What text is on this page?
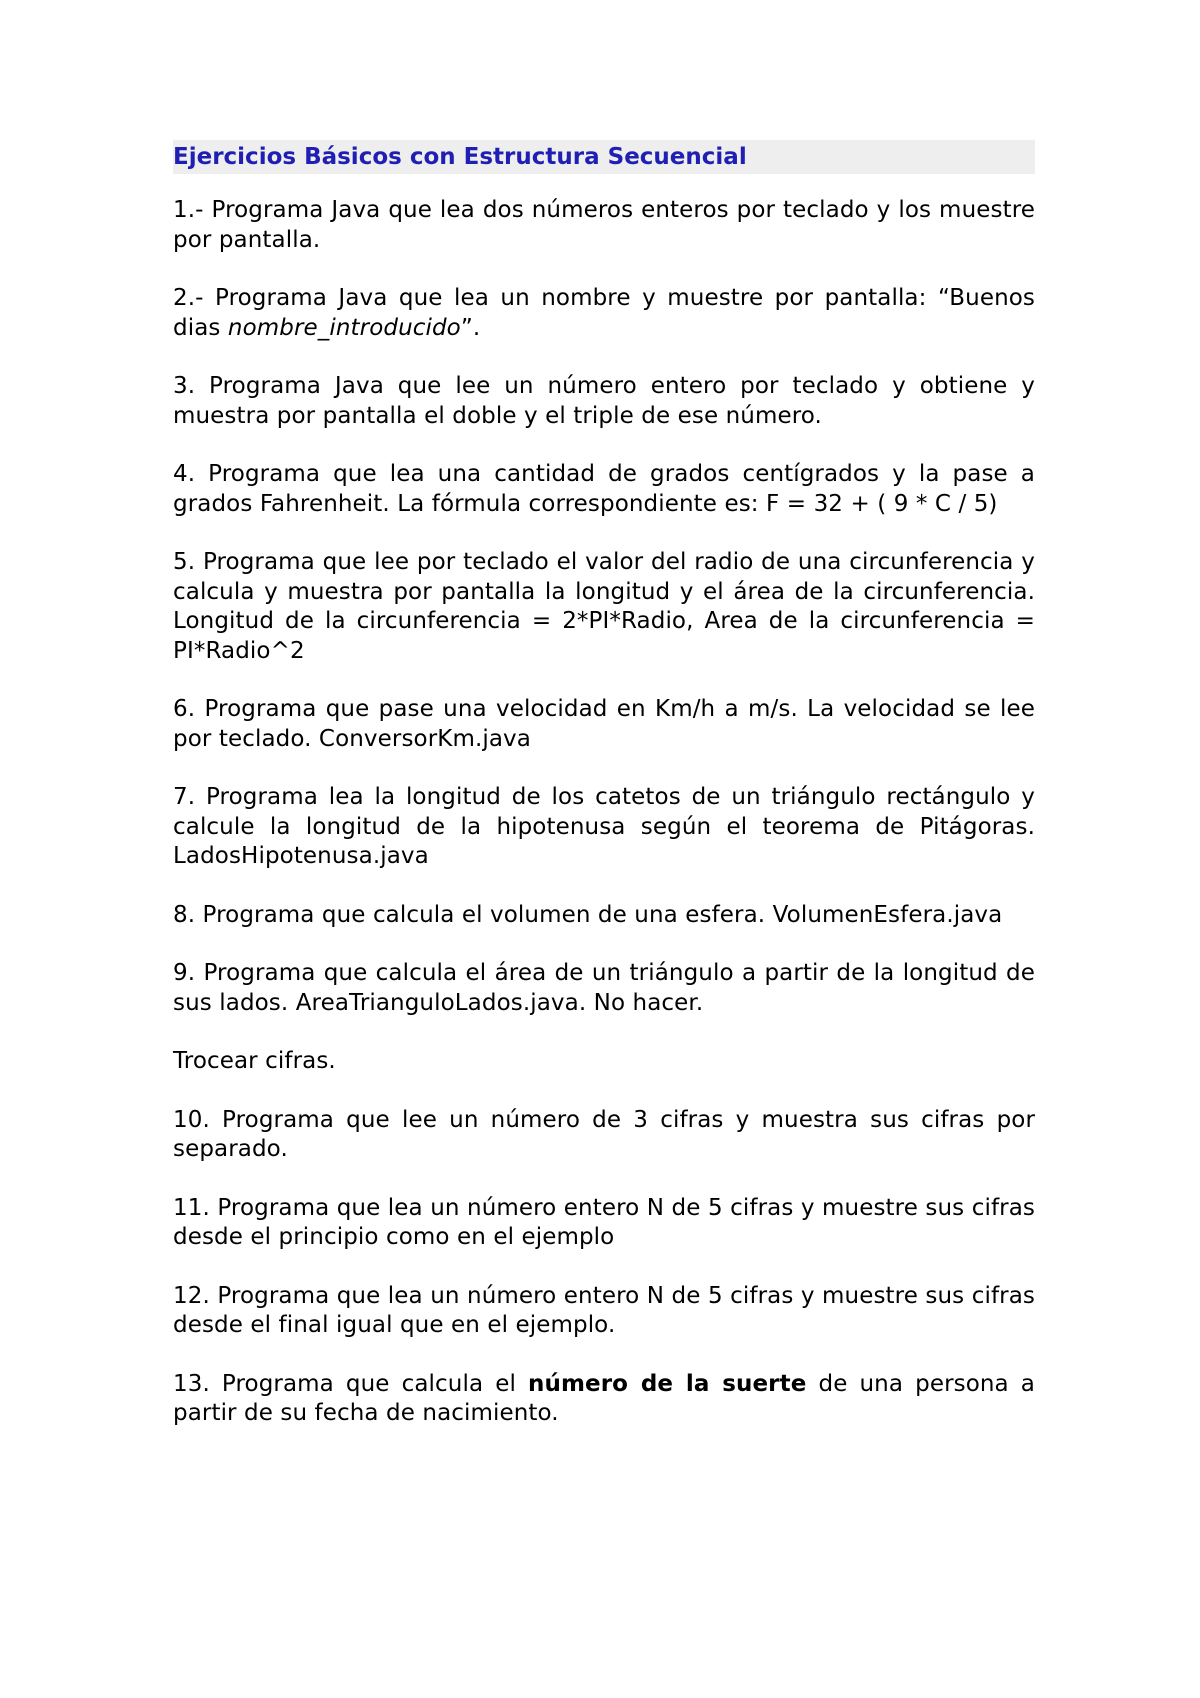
Ejercicios Básicos con Estructura Secuencial

1.- Programa Java que lea dos números enteros por teclado y los muestre por pantalla.

2.- Programa Java que lea un nombre y muestre por pantalla: “Buenos dias nombre_introducido”.

3. Programa Java que lee un número entero por teclado y obtiene y muestra por pantalla el doble y el triple de ese número.

4. Programa que lea una cantidad de grados centígrados y la pase a grados Fahrenheit. La fórmula correspondiente es: F = 32 + ( 9 * C / 5)

5. Programa que lee por teclado el valor del radio de una circunferencia y calcula y muestra por pantalla la longitud y el área de la circunferencia. Longitud de la circunferencia = 2*PI*Radio, Area de la circunferencia = PI*Radio^2

6. Programa que pase una velocidad en Km/h a m/s. La velocidad se lee por teclado. ConversorKm.java

7. Programa lea la longitud de los catetos de un triángulo rectángulo y calcule la longitud de la hipotenusa según el teorema de Pitágoras. LadosHipotenusa.java

8. Programa que calcula el volumen de una esfera. VolumenEsfera.java

9. Programa que calcula el área de un triángulo a partir de la longitud de sus lados. AreaTrianguloLados.java. No hacer.

Trocear cifras.

10. Programa que lee un número de 3 cifras y muestra sus cifras por separado.

11. Programa que lea un número entero N de 5 cifras y muestre sus cifras desde el principio como en el ejemplo

12. Programa que lea un número entero N de 5 cifras y muestre sus cifras desde el final igual que en el ejemplo.

13. Programa que calcula el número de la suerte de una persona a partir de su fecha de nacimiento.
